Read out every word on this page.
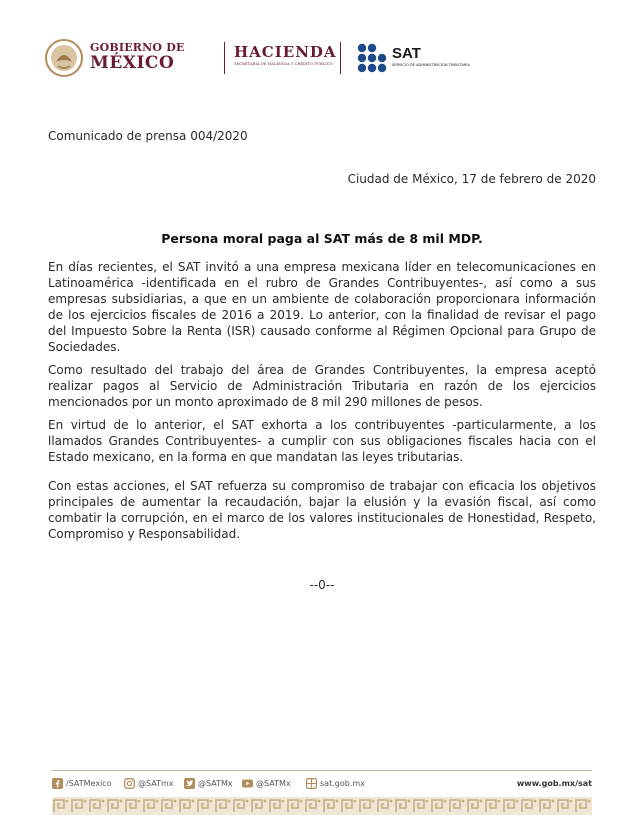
GOBIERNO DE
MÉXICO
HACIENDA
SECRETARÍA DE HACIENDA Y CRÉDITO PÚBLICO
SAT
SERVICIO DE ADMINISTRACIÓN TRIBUTARIA
Comunicado de prensa 004/2020
Ciudad de México, 17 de febrero de 2020
Persona moral paga al SAT más de 8 mil MDP.
En días recientes, el SAT invitó a una empresa mexicana líder en telecomunicaciones en Latinoamérica -identificada en el rubro de Grandes Contribuyentes-, así como a sus empresas subsidiarias, a que en un ambiente de colaboración proporcionara información de los ejercicios fiscales de 2016 a 2019. Lo anterior, con la finalidad de revisar el pago del Impuesto Sobre la Renta (ISR) causado conforme al Régimen Opcional para Grupo de Sociedades.
Como resultado del trabajo del área de Grandes Contribuyentes, la empresa aceptó realizar pagos al Servicio de Administración Tributaria en razón de los ejercicios mencionados por un monto aproximado de 8 mil 290 millones de pesos.
En virtud de lo anterior, el SAT exhorta a los contribuyentes -particularmente, a los llamados Grandes Contribuyentes- a cumplir con sus obligaciones fiscales hacia con el Estado mexicano, en la forma en que mandatan las leyes tributarias.
Con estas acciones, el SAT refuerza su compromiso de trabajar con eficacia los objetivos principales de aumentar la recaudación, bajar la elusión y la evasión fiscal, así como combatir la corrupción, en el marco de los valores institucionales de Honestidad, Respeto, Compromiso y Responsabilidad.
--0--
/SATMexico	@SATmx	@SATMx	@SATMx	sat.gob.mx	www.gob.mx/sat
